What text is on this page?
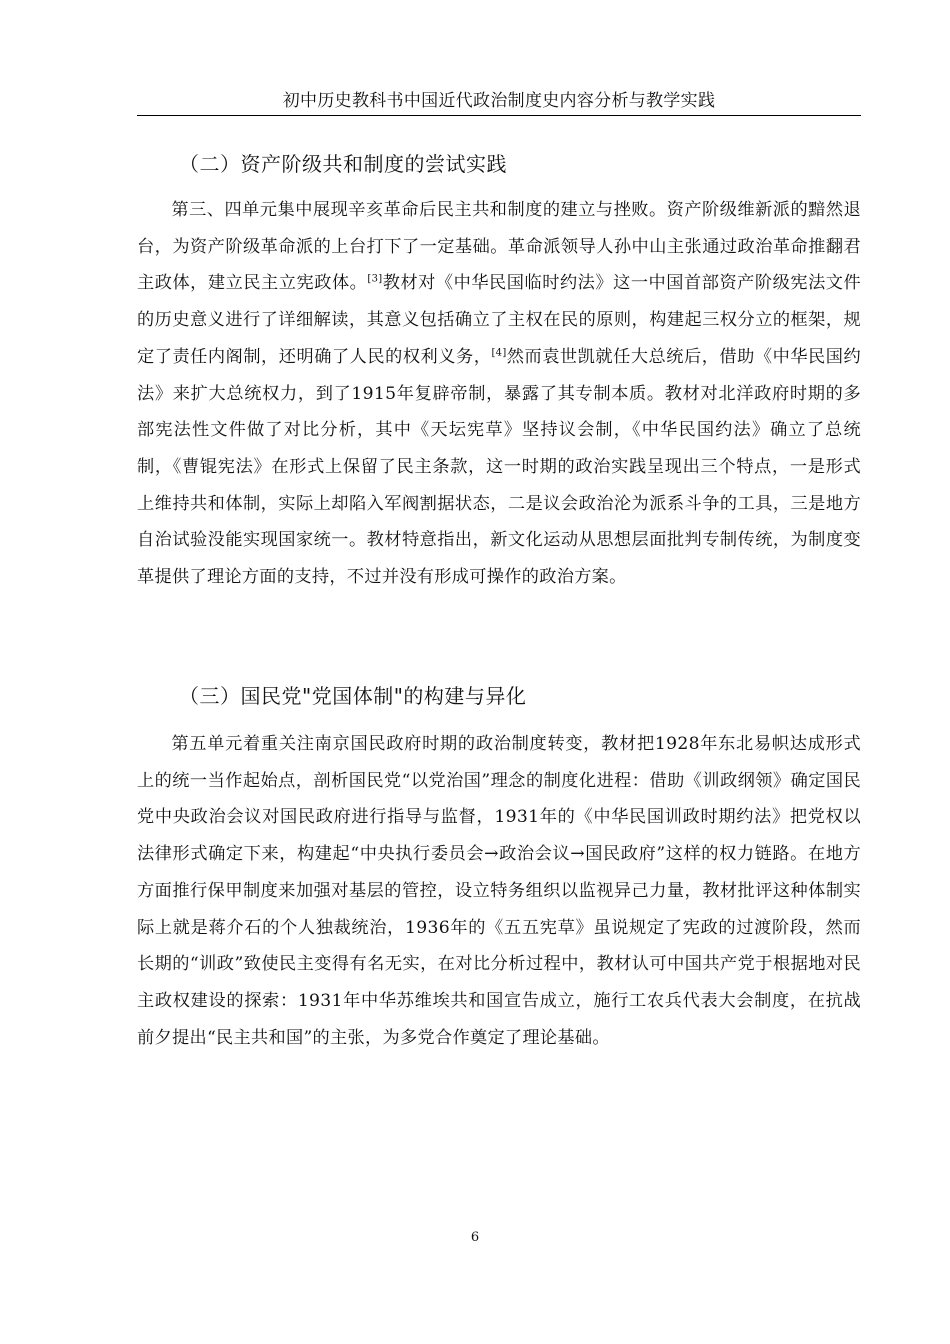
初中历史教科书中国近代政治制度史内容分析与教学实践
（二）资产阶级共和制度的尝试实践

第三、四单元集中展现辛亥革命后民主共和制度的建立与挫败。资产阶级维新派的黯然退台，为资产阶级革命派的上台打下了一定基础。革命派领导人孙中山主张通过政治革命推翻君主政体，建立民主立宪政体。[3]教材对《中华民国临时约法》这一中国首部资产阶级宪法文件的历史意义进行了详细解读，其意义包括确立了主权在民的原则，构建起三权分立的框架，规定了责任内阁制，还明确了人民的权利义务，[4]然而袁世凯就任大总统后，借助《中华民国约法》来扩大总统权力，到了1915年复辟帝制，暴露了其专制本质。教材对北洋政府时期的多部宪法性文件做了对比分析，其中《天坛宪草》坚持议会制，《中华民国约法》确立了总统制，《曹锟宪法》在形式上保留了民主条款，这一时期的政治实践呈现出三个特点，一是形式上维持共和体制，实际上却陷入军阀割据状态，二是议会政治沦为派系斗争的工具，三是地方自治试验没能实现国家统一。教材特意指出，新文化运动从思想层面批判专制传统，为制度变革提供了理论方面的支持，不过并没有形成可操作的政治方案。

（三）国民党"党国体制"的构建与异化

第五单元着重关注南京国民政府时期的政治制度转变，教材把1928年东北易帜达成形式上的统一当作起始点，剖析国民党“以党治国”理念的制度化进程：借助《训政纲领》确定国民党中央政治会议对国民政府进行指导与监督，1931年的《中华民国训政时期约法》把党权以法律形式确定下来，构建起“中央执行委员会→政治会议→国民政府”这样的权力链路。在地方方面推行保甲制度来加强对基层的管控，设立特务组织以监视异己力量，教材批评这种体制实际上就是蒋介石的个人独裁统治，1936年的《五五宪草》虽说规定了宪政的过渡阶段，然而长期的“训政”致使民主变得有名无实，在对比分析过程中，教材认可中国共产党于根据地对民主政权建设的探索：1931年中华苏维埃共和国宣告成立，施行工农兵代表大会制度，在抗战前夕提出“民主共和国”的主张，为多党合作奠定了理论基础。

6
